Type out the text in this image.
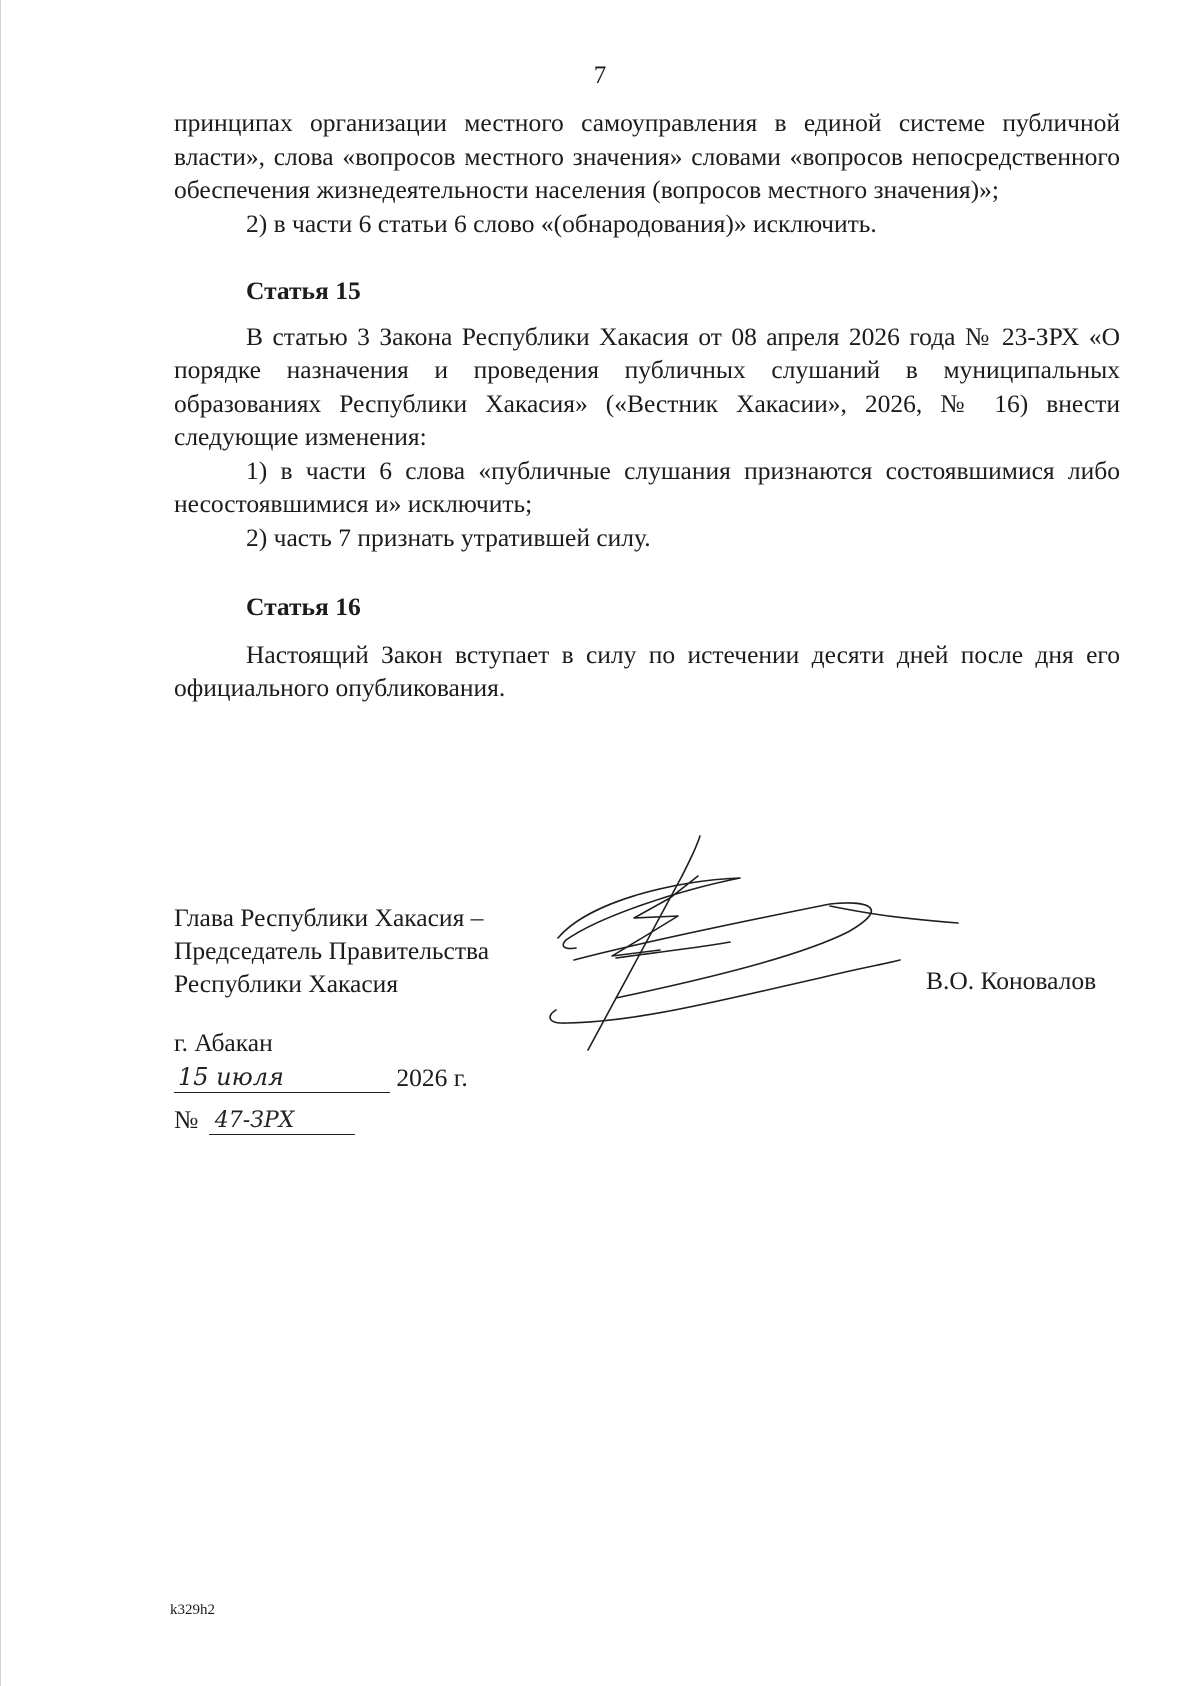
7

принципах организации местного самоуправления в единой системе публичной власти», слова «вопросов местного значения» словами «вопросов непосредственного обеспечения жизнедеятельности населения (вопросов местного значения)»;

2) в части 6 статьи 6 слово «(обнародования)» исключить.

Статья 15

В статью 3 Закона Республики Хакасия от 08 апреля 2026 года № 23-ЗРХ «О порядке назначения и проведения публичных слушаний в муниципальных образованиях Республики Хакасия» («Вестник Хакасии», 2026, № 16) внести следующие изменения:

1) в части 6 слова «публичные слушания признаются состоявшимися либо несостоявшимися и» исключить;

2) часть 7 признать утратившей силу.

Статья 16

Настоящий Закон вступает в силу по истечении десяти дней после дня его официального опубликования.

Глава Республики Хакасия –
Председатель Правительства
Республики Хакасия	В.О. Коновалов
г. Абакан
15 июля	2026 г.
№ 47-ЗРХ
k329h2
